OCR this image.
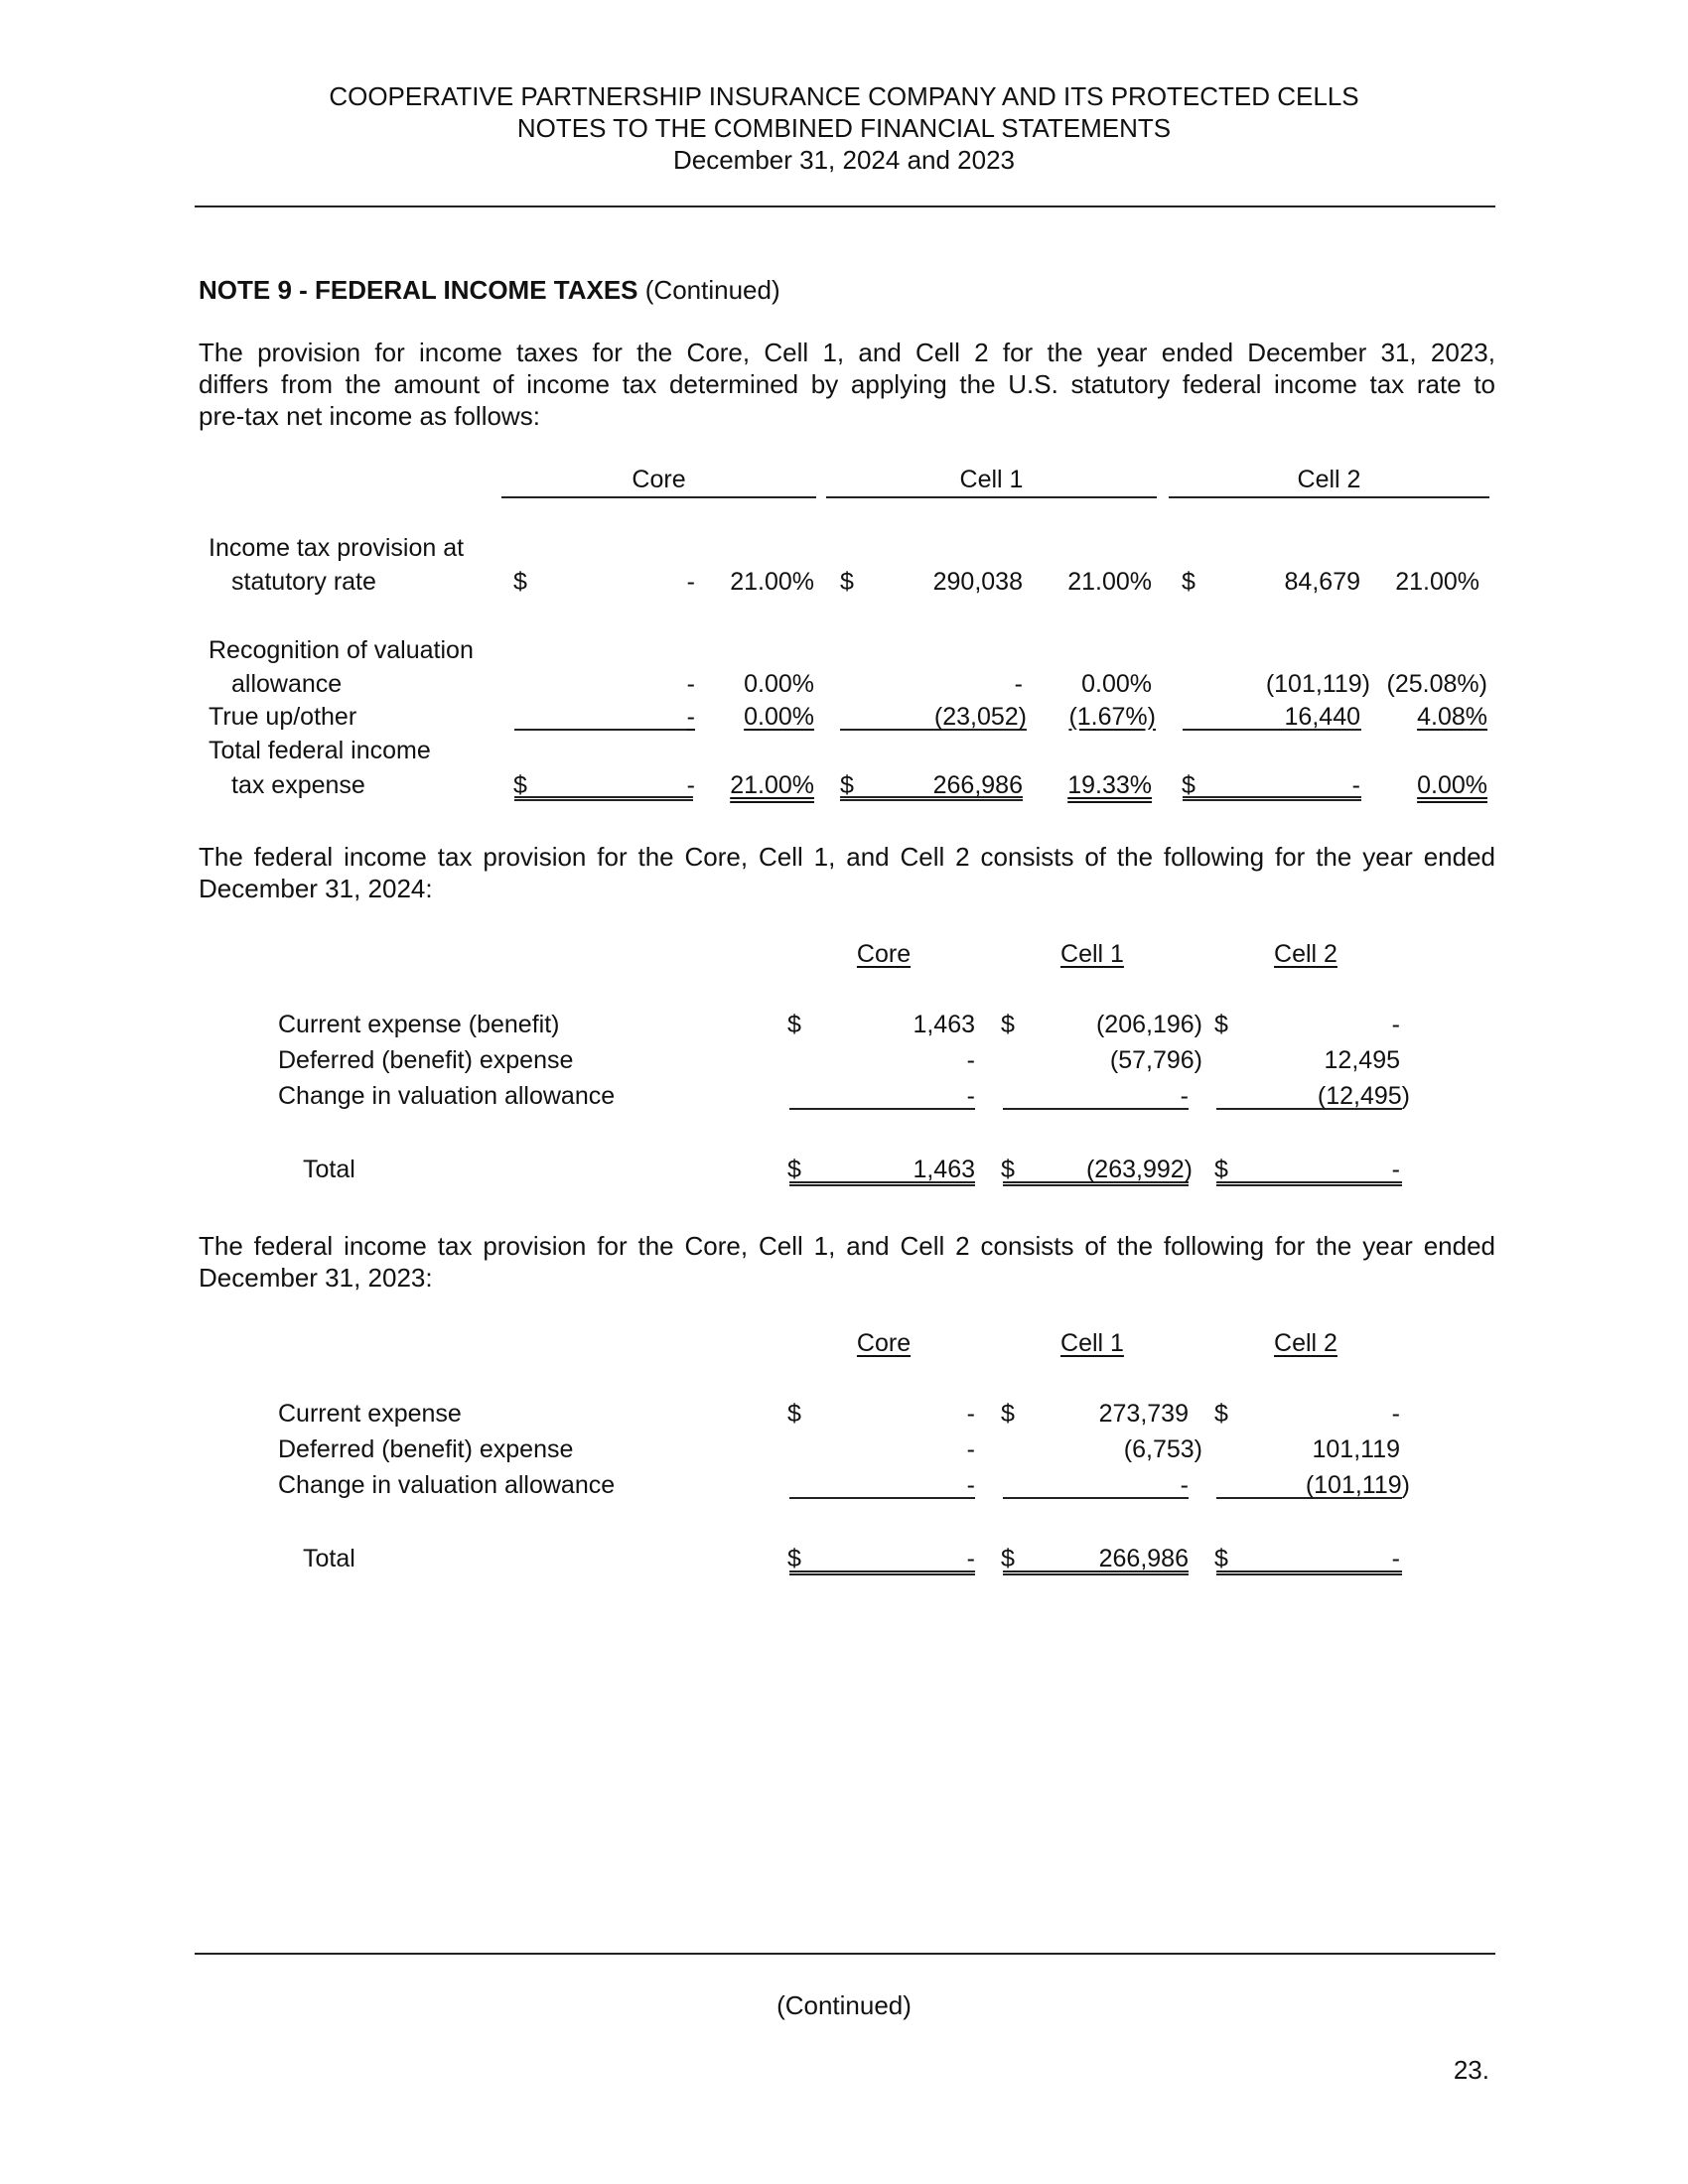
COOPERATIVE PARTNERSHIP INSURANCE COMPANY AND ITS PROTECTED CELLS
NOTES TO THE COMBINED FINANCIAL STATEMENTS
December 31, 2024 and 2023
NOTE 9 - FEDERAL INCOME TAXES (Continued)
The provision for income taxes for the Core, Cell 1, and Cell 2 for the year ended December 31, 2023,
differs from the amount of income tax determined by applying the U.S. statutory federal income tax rate to
pre-tax net income as follows:
Core	Cell 1	Cell 2
Income tax provision at
statutory rate	$	-	21.00% $	290,038	21.00% $	84,679	21.00%
Recognition of valuation
allowance	-	0.00%	-	0.00%	(101,119) (25.08%)
True up/other	-	0.00%	(23,052)	(1.67%)	16,440	4.08%
Total federal income
tax expense	$	-	21.00% $	266,986	19.33% $	-	0.00%
The federal income tax provision for the Core, Cell 1, and Cell 2 consists of the following for the year ended
December 31, 2024:
Core	Cell 1	Cell 2
Current expense (benefit)	$	1,463 $	(206,196) $	-
Deferred (benefit) expense	-	(57,796)	12,495
Change in valuation allowance	-	-	(12,495)
Total	$	1,463 $	(263,992) $	-
The federal income tax provision for the Core, Cell 1, and Cell 2 consists of the following for the year ended
December 31, 2023:
Core	Cell 1	Cell 2
Current expense	$	- $	273,739 $	-
Deferred (benefit) expense	-	(6,753)	101,119
Change in valuation allowance	-	-	(101,119)
Total	$	- $	266,986 $	-
(Continued)
23.
